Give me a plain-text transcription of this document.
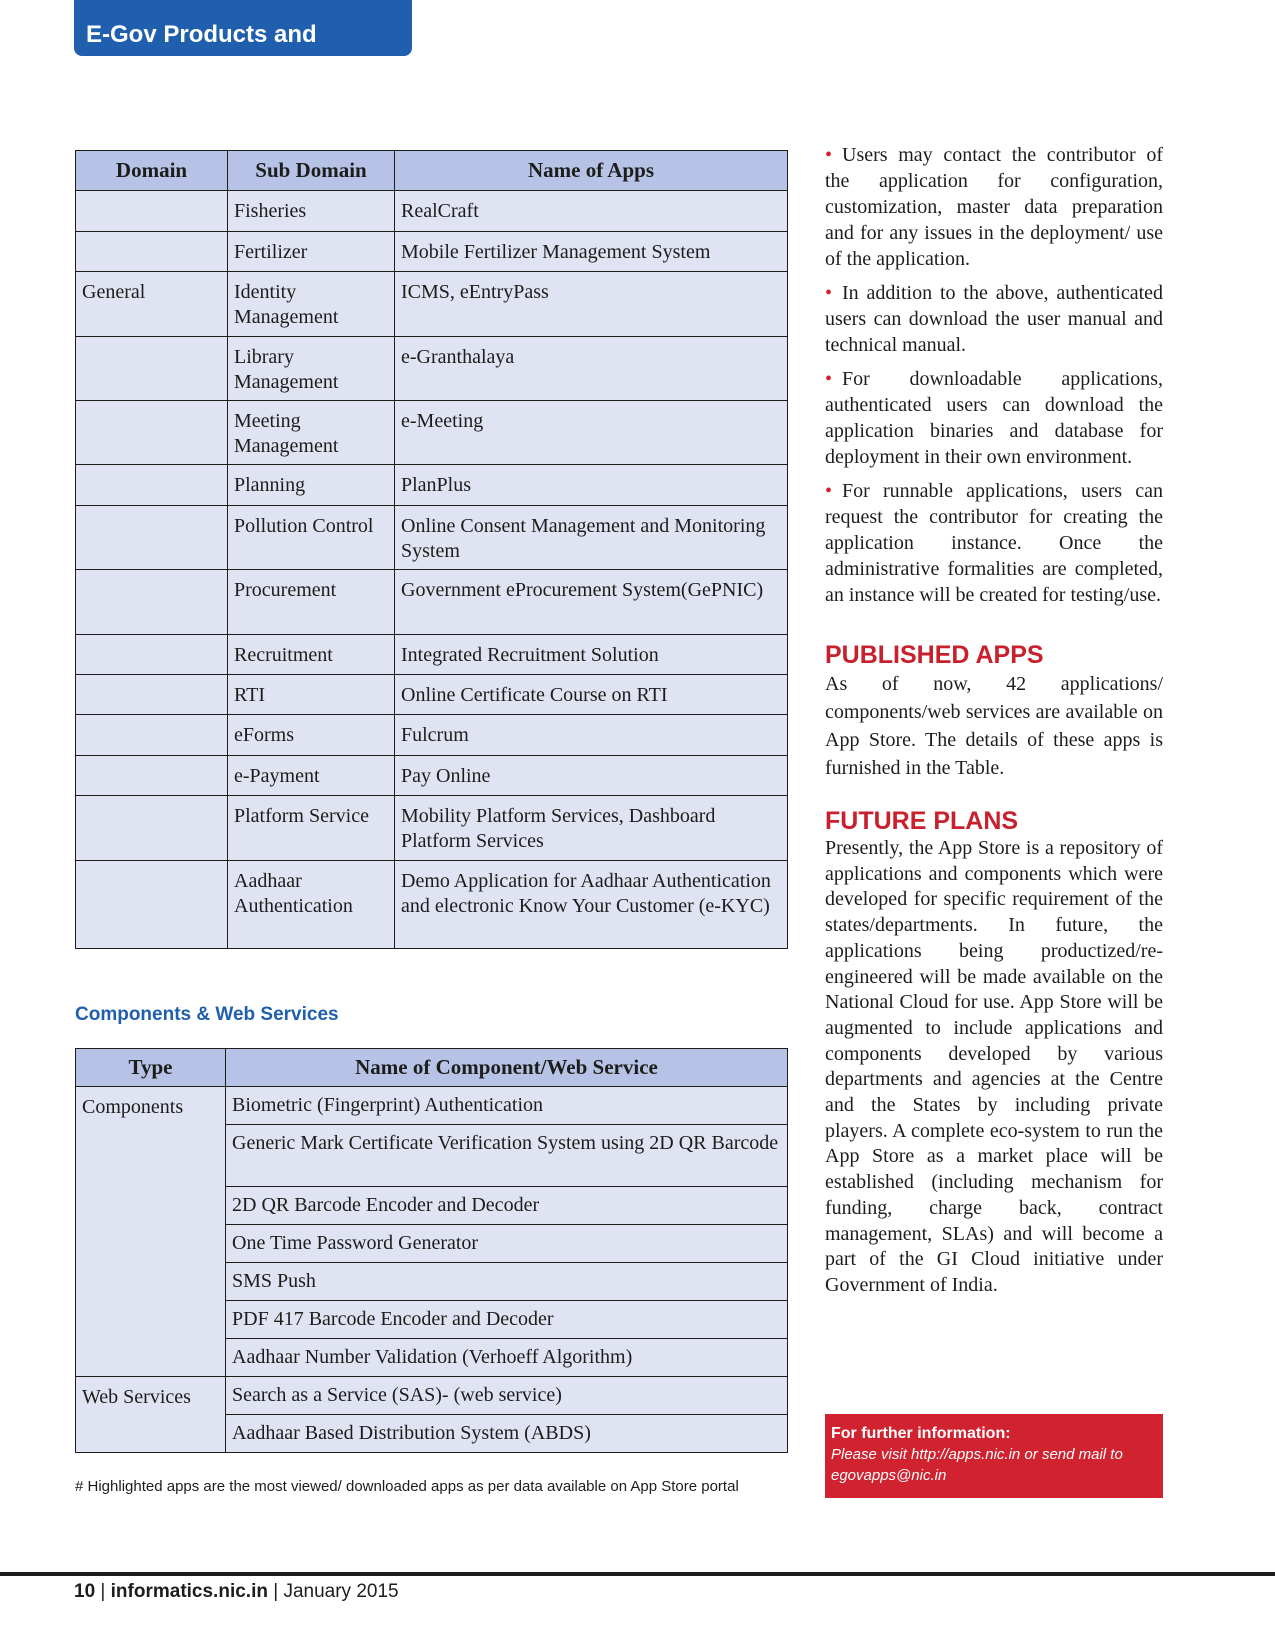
E-Gov Products and Services
Domain	Sub Domain	Name of Apps
	Fisheries	RealCraft
	Fertilizer	Mobile Fertilizer Management System
General	Identity Management	ICMS, eEntryPass
	Library Management	e-Granthalaya
	Meeting Management	e-Meeting
	Planning	PlanPlus
	Pollution Control	Online Consent Management and Monitoring System
	Procurement	Government eProcurement System(GePNIC)
	Recruitment	Integrated Recruitment Solution
	RTI	Online Certificate Course on RTI
	eForms	Fulcrum
	e-Payment	Pay Online
	Platform Service	Mobility Platform Services, Dashboard Platform Services
	Aadhaar Authentication	Demo Application for Aadhaar Authentication and electronic Know Your Customer (e-KYC)
Components & Web Services
Type	Name of Component/Web Service
Components	Biometric (Fingerprint) Authentication
	Generic Mark Certificate Verification System using 2D QR Barcode
	2D QR Barcode Encoder and Decoder
	One Time Password Generator
	SMS Push
	PDF 417 Barcode Encoder and Decoder
	Aadhaar Number Validation (Verhoeff Algorithm)
Web Services	Search as a Service (SAS)- (web service)
	Aadhaar Based Distribution System (ABDS)
# Highlighted apps are the most viewed/ downloaded apps as per data available on App Store portal

• Users may contact the contributor of the application for configuration, customization, master data preparation and for any issues in the deployment/ use of the application.

• In addition to the above, authenticated users can download the user manual and technical manual.

• For downloadable applications, authenticated users can download the application binaries and database for deployment in their own environment.

• For runnable applications, users can request the contributor for creating the application instance. Once the administrative formalities are completed, an instance will be created for testing/use.

PUBLISHED APPS

As of now, 42 applications/ components/web services are available on App Store. The details of these apps is furnished in the Table.

FUTURE PLANS

Presently, the App Store is a repository of applications and components which were developed for specific requirement of the states/departments. In future, the applications being productized/re-engineered will be made available on the National Cloud for use. App Store will be augmented to include applications and components developed by various departments and agencies at the Centre and the States by including private players. A complete eco-system to run the App Store as a market place will be established (including mechanism for funding, charge back, contract management, SLAs) and will become a part of the GI Cloud initiative under Government of India.

For further information:
Please visit http://apps.nic.in or send mail to egovapps@nic.in
10 | informatics.nic.in | January 2015
